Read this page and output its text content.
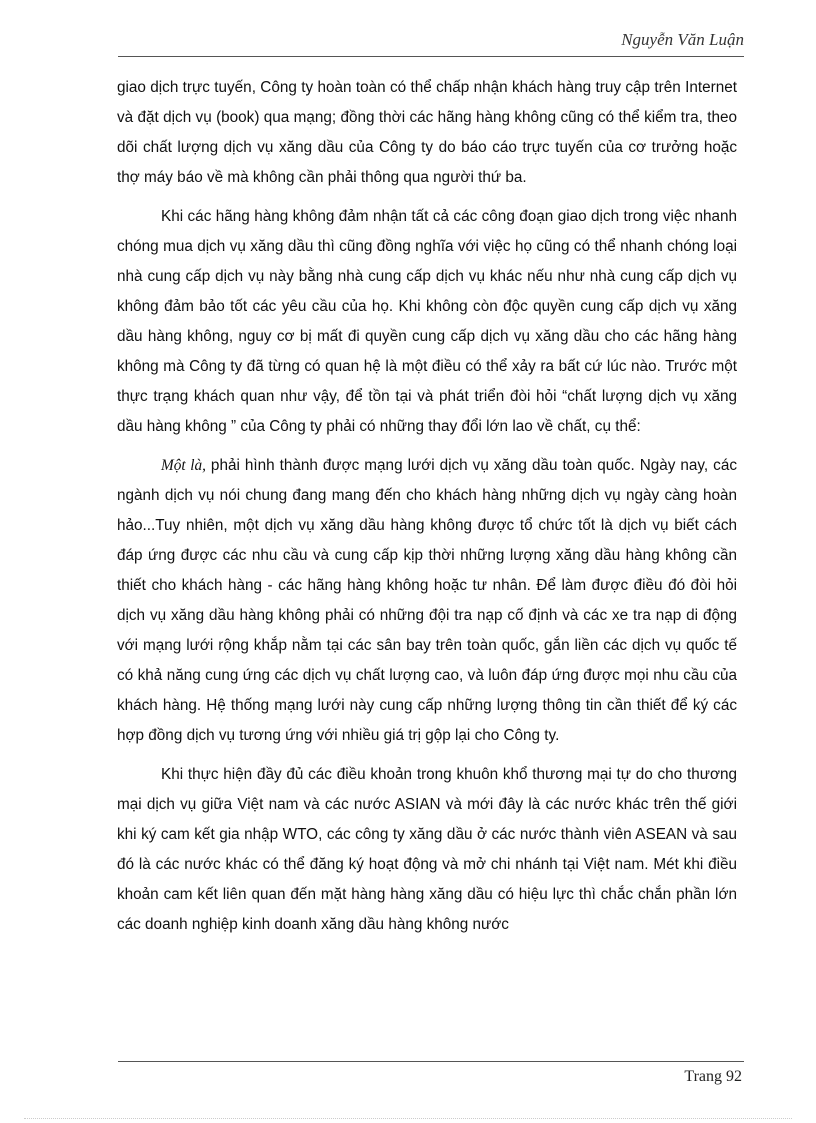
Nguyễn Văn Luận

giao dịch trực tuyến, Công ty hoàn toàn có thể chấp nhận khách hàng truy cập trên Internet và đặt dịch vụ (book) qua mạng; đồng thời các hãng hàng không cũng có thể kiểm tra, theo dõi chất lượng dịch vụ xăng dầu của Công ty do báo cáo trực tuyến của cơ trưởng hoặc thợ máy báo về mà không cần phải thông qua người thứ ba.

Khi các hãng hàng không đảm nhận tất cả các công đoạn giao dịch trong việc nhanh chóng mua dịch vụ xăng dầu thì cũng đồng nghĩa với việc họ cũng có thể nhanh chóng loại nhà cung cấp dịch vụ này bằng nhà cung cấp dịch vụ khác nếu như nhà cung cấp dịch vụ không đảm bảo tốt các yêu cầu của họ. Khi không còn độc quyền cung cấp dịch vụ xăng dầu hàng không, nguy cơ bị mất đi quyền cung cấp dịch vụ xăng dầu cho các hãng hàng không mà Công ty đã từng có quan hệ là một điều có thể xảy ra bất cứ lúc nào. Trước một thực trạng khách quan như vậy, để tồn tại và phát triển đòi hỏi “chất lượng dịch vụ xăng dầu hàng không ” của Công ty phải có những thay đổi lớn lao về chất, cụ thể:

Một là, phải hình thành được mạng lưới dịch vụ xăng dầu toàn quốc. Ngày nay, các ngành dịch vụ nói chung đang mang đến cho khách hàng những dịch vụ ngày càng hoàn hảo...Tuy nhiên, một dịch vụ xăng dầu hàng không được tổ chức tốt là dịch vụ biết cách đáp ứng được các nhu cầu và cung cấp kịp thời những lượng xăng dầu hàng không cần thiết cho khách hàng - các hãng hàng không hoặc tư nhân. Để làm được điều đó đòi hỏi dịch vụ xăng dầu hàng không phải có những đội tra nạp cố định và các xe tra nạp di động với mạng lưới rộng khắp nằm tại các sân bay trên toàn quốc, gắn liền các dịch vụ quốc tế có khả năng cung ứng các dịch vụ chất lượng cao, và luôn đáp ứng được mọi nhu cầu của khách hàng. Hệ thống mạng lưới này cung cấp những lượng thông tin cần thiết để ký các hợp đồng dịch vụ tương ứng với nhiều giá trị gộp lại cho Công ty.

Khi thực hiện đầy đủ các điều khoản trong khuôn khổ thương mại tự do cho thương mại dịch vụ giữa Việt nam và các nước ASIAN và mới đây là các nước khác trên thế giới khi ký cam kết gia nhập WTO, các công ty xăng dầu ở các nước thành viên ASEAN và sau đó là các nước khác có thể đăng ký hoạt động và mở chi nhánh tại Việt nam. Mét khi điều khoản cam kết liên quan đến mặt hàng hàng xăng dầu có hiệu lực thì chắc chắn phần lớn các doanh nghiệp kinh doanh xăng dầu hàng không nước

Trang 92
